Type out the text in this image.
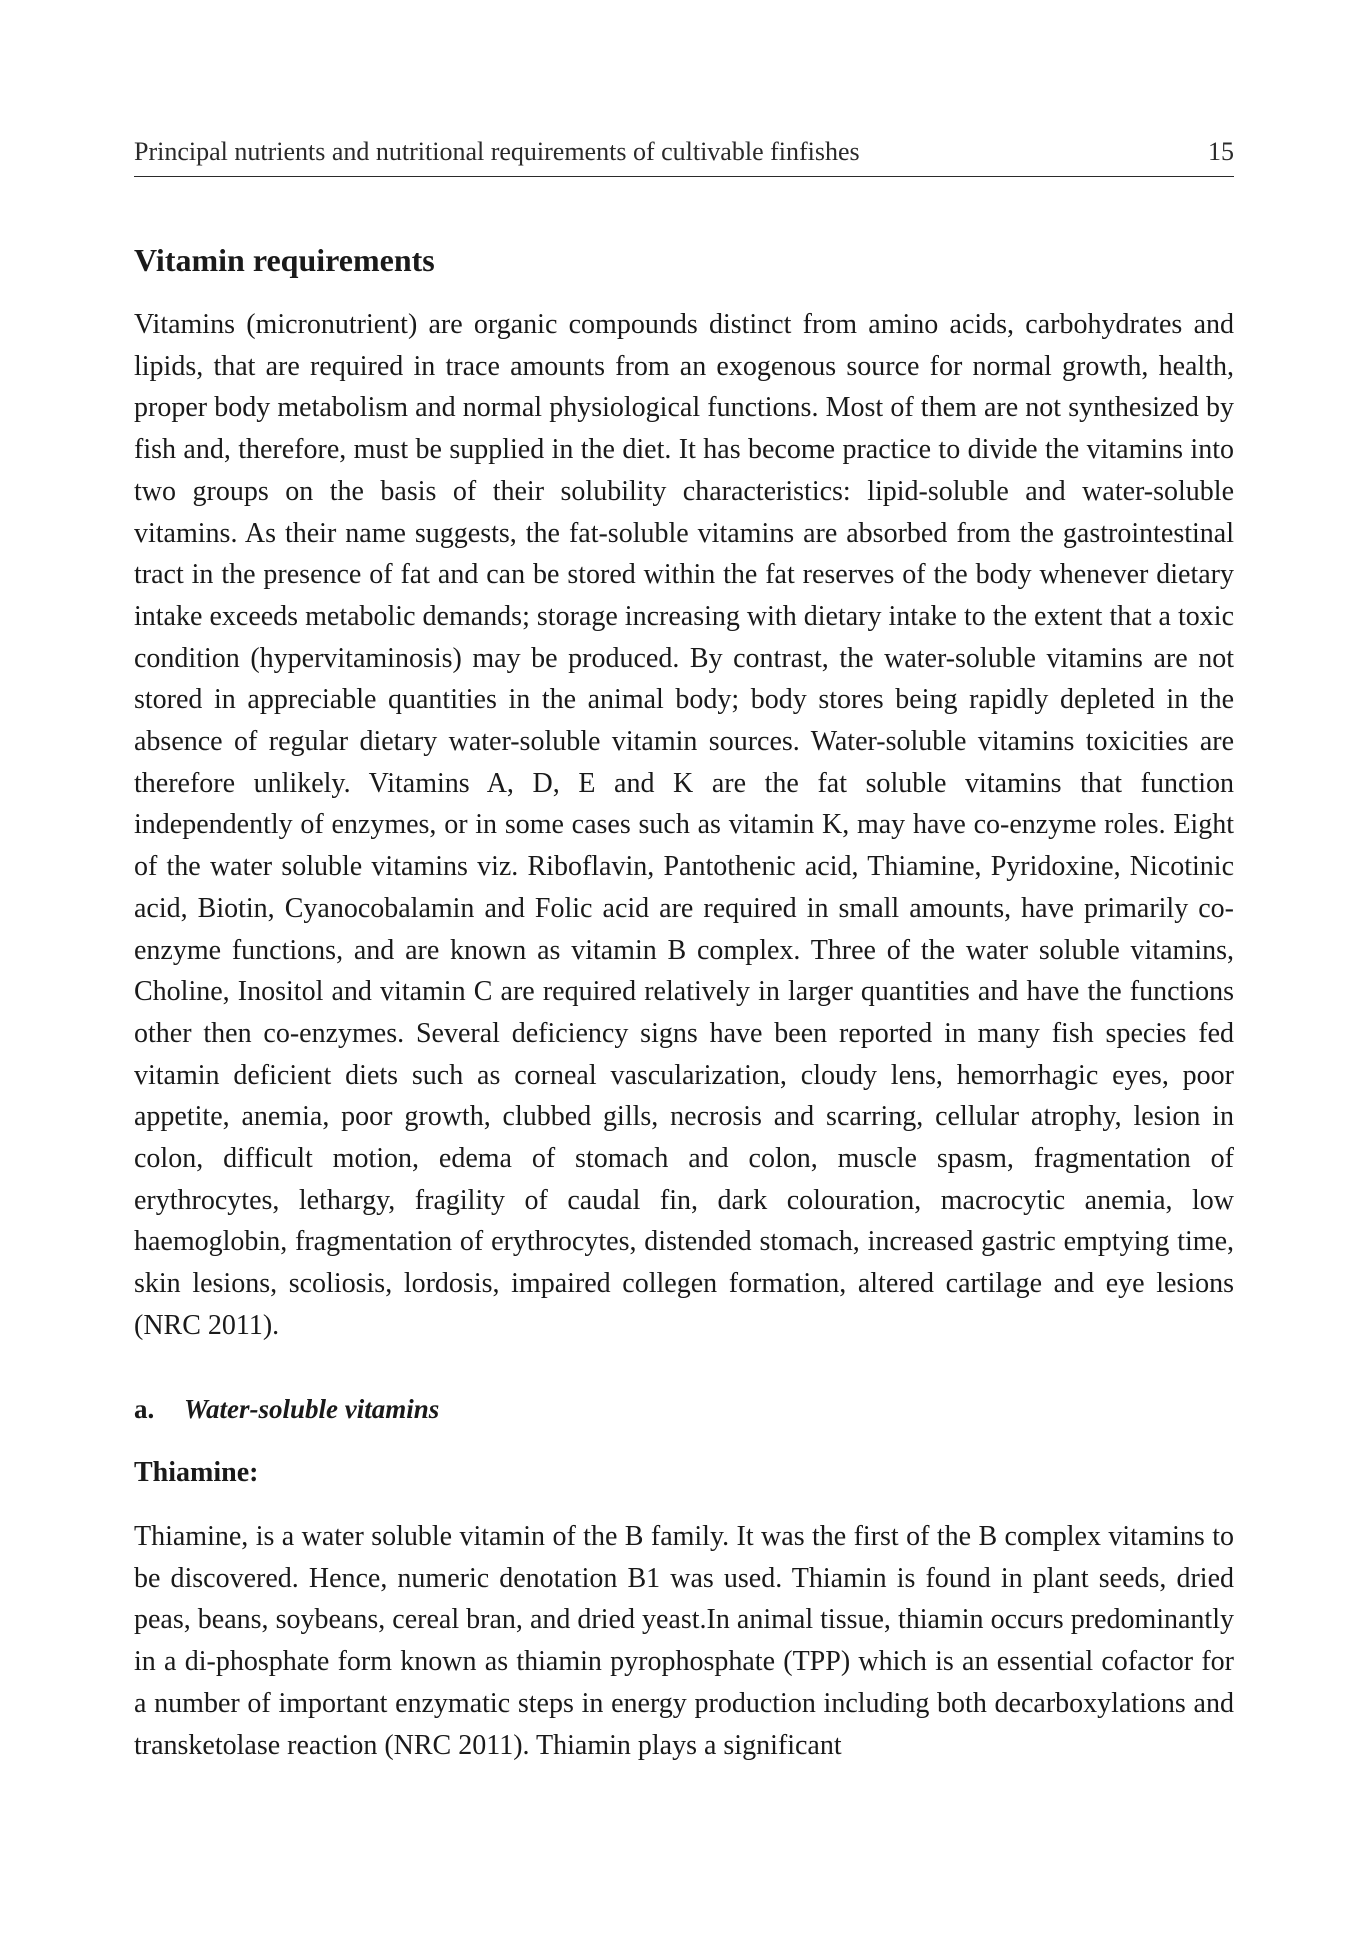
Principal nutrients and nutritional requirements of cultivable finfishes	15
Vitamin requirements

Vitamins (micronutrient) are organic compounds distinct from amino acids, carbohydrates and lipids, that are required in trace amounts from an exogenous source for normal growth, health, proper body metabolism and normal physiological functions. Most of them are not synthesized by fish and, therefore, must be supplied in the diet. It has become practice to divide the vitamins into two groups on the basis of their solubility characteristics: lipid-soluble and water-soluble vitamins. As their name suggests, the fat-soluble vitamins are absorbed from the gastrointestinal tract in the presence of fat and can be stored within the fat reserves of the body whenever dietary intake exceeds metabolic demands; storage increasing with dietary intake to the extent that a toxic condition (hypervitaminosis) may be produced. By contrast, the water-soluble vitamins are not stored in appreciable quantities in the animal body; body stores being rapidly depleted in the absence of regular dietary water-soluble vitamin sources. Water-soluble vitamins toxicities are therefore unlikely. Vitamins A, D, E and K are the fat soluble vitamins that function independently of enzymes, or in some cases such as vitamin K, may have co-enzyme roles. Eight of the water soluble vitamins viz. Riboflavin, Pantothenic acid, Thiamine, Pyridoxine, Nicotinic acid, Biotin, Cyanocobalamin and Folic acid are required in small amounts, have primarily co-enzyme functions, and are known as vitamin B complex. Three of the water soluble vitamins, Choline, Inositol and vitamin C are required relatively in larger quantities and have the functions other then co-enzymes. Several deficiency signs have been reported in many fish species fed vitamin deficient diets such as corneal vascularization, cloudy lens, hemorrhagic eyes, poor appetite, anemia, poor growth, clubbed gills, necrosis and scarring, cellular atrophy, lesion in colon, difficult motion, edema of stomach and colon, muscle spasm, fragmentation of erythrocytes, lethargy, fragility of caudal fin, dark colouration, macrocytic anemia, low haemoglobin, fragmentation of erythrocytes, distended stomach, increased gastric emptying time, skin lesions, scoliosis, lordosis, impaired collegen formation, altered cartilage and eye lesions (NRC 2011).

a. Water-soluble vitamins
Thiamine:

Thiamine, is a water soluble vitamin of the B family. It was the first of the B complex vitamins to be discovered. Hence, numeric denotation B1 was used. Thiamin is found in plant seeds, dried peas, beans, soybeans, cereal bran, and dried yeast.In animal tissue, thiamin occurs predominantly in a di-phosphate form known as thiamin pyrophosphate (TPP) which is an essential cofactor for a number of important enzymatic steps in energy production including both decarboxylations and transketolase reaction (NRC 2011). Thiamin plays a significant
